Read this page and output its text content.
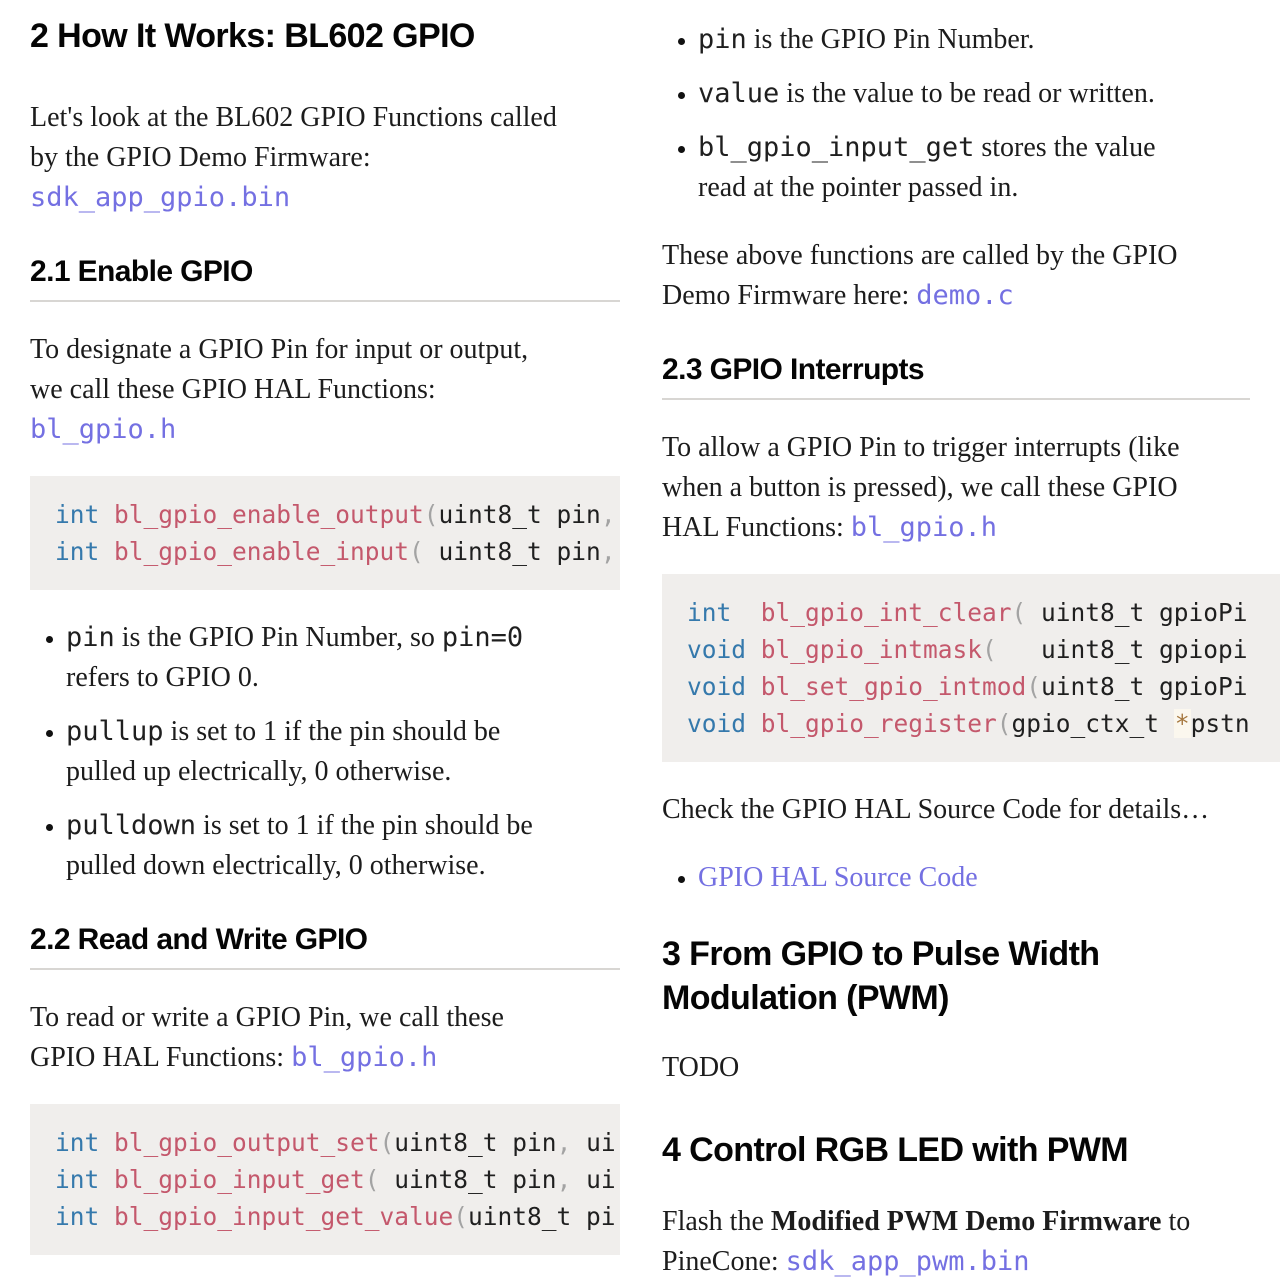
2 How It Works: BL602 GPIO

Let's look at the BL602 GPIO Functions called
by the GPIO Demo Firmware:
sdk_app_gpio.bin

2.1 Enable GPIO

To designate a GPIO Pin for input or output,
we call these GPIO HAL Functions:
bl_gpio.h

int bl_gpio_enable_output(uint8_t pin,
int bl_gpio_enable_input( uint8_t pin,
• pin is the GPIO Pin Number, so pin=0
refers to GPIO 0.
• pullup is set to 1 if the pin should be
pulled up electrically, 0 otherwise.
• pulldown is set to 1 if the pin should be
pulled down electrically, 0 otherwise.
2.2 Read and Write GPIO

To read or write a GPIO Pin, we call these
GPIO HAL Functions: bl_gpio.h

int bl_gpio_output_set(uint8_t pin, ui
int bl_gpio_input_get( uint8_t pin, ui
int bl_gpio_input_get_value(uint8_t pi
• pin is the GPIO Pin Number.
• value is the value to be read or written.
• bl_gpio_input_get stores the value
read at the pointer passed in.

These above functions are called by the GPIO
Demo Firmware here: demo.c

2.3 GPIO Interrupts

To allow a GPIO Pin to trigger interrupts (like
when a button is pressed), we call these GPIO
HAL Functions: bl_gpio.h

int  bl_gpio_int_clear( uint8_t gpioPi
void bl_gpio_intmask(   uint8_t gpiopi
void bl_set_gpio_intmod(uint8_t gpioPi
void bl_gpio_register(gpio_ctx_t *pstn

Check the GPIO HAL Source Code for details…

• GPIO HAL Source Code
3 From GPIO to Pulse Width Modulation (PWM)

TODO

4 Control RGB LED with PWM

Flash the Modified PWM Demo Firmware to
PineCone: sdk_app_pwm.bin
